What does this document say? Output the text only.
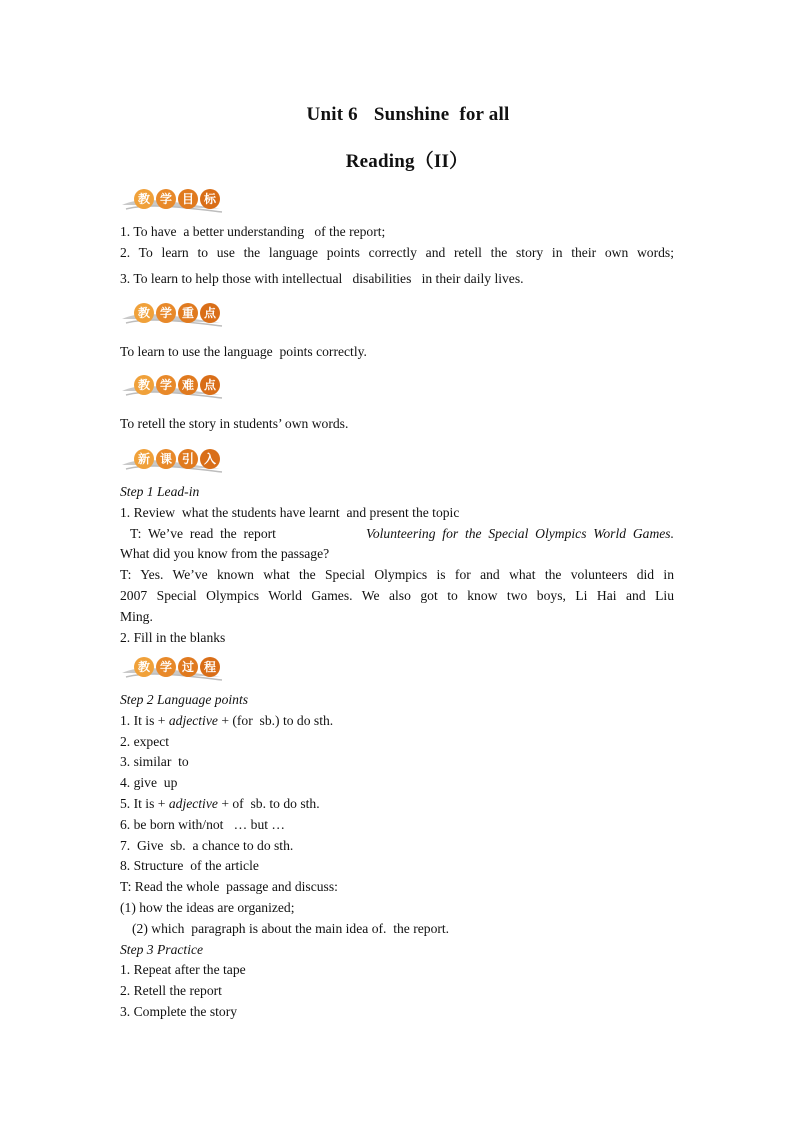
Unit 6 Sunshine  for all
Reading（II）
教 学 目 标
1. To have  a better understanding   of the report;
2. To learn to use the language points correctly and retell the story in their own words;
3. To learn to help those with intellectual   disabilities   in their daily lives.
教 学 重 点
To learn to use the language  points correctly.
教 学 难 点
To retell the story in students’ own words.
新 课 引 入
Step 1 Lead-in
1. Review  what the students have learnt  and present the topic
T:  We’ve  read  the  report	Volunteering  for  the  Special  Olympics  World  Games.
What did you know from the passage?
T: Yes. We’ve known what the Special Olympics is for and what the volunteers did in
2007 Special Olympics World Games. We also got to know two boys, Li Hai and Liu
Ming.
2. Fill in the blanks
教 学 过 程
Step 2 Language points
1. It is + adjective + (for  sb.) to do sth.
2. expect
3. similar  to
4. give  up
5. It is + adjective + of  sb. to do sth.
6. be born with/not   … but …
7.  Give  sb.  a chance to do sth.
8. Structure  of the article
T: Read the whole  passage and discuss:
(1) how the ideas are organized;
(2) which  paragraph is about the main idea of.  the report.
Step 3 Practice
1. Repeat after the tape
2. Retell the report
3. Complete the story
